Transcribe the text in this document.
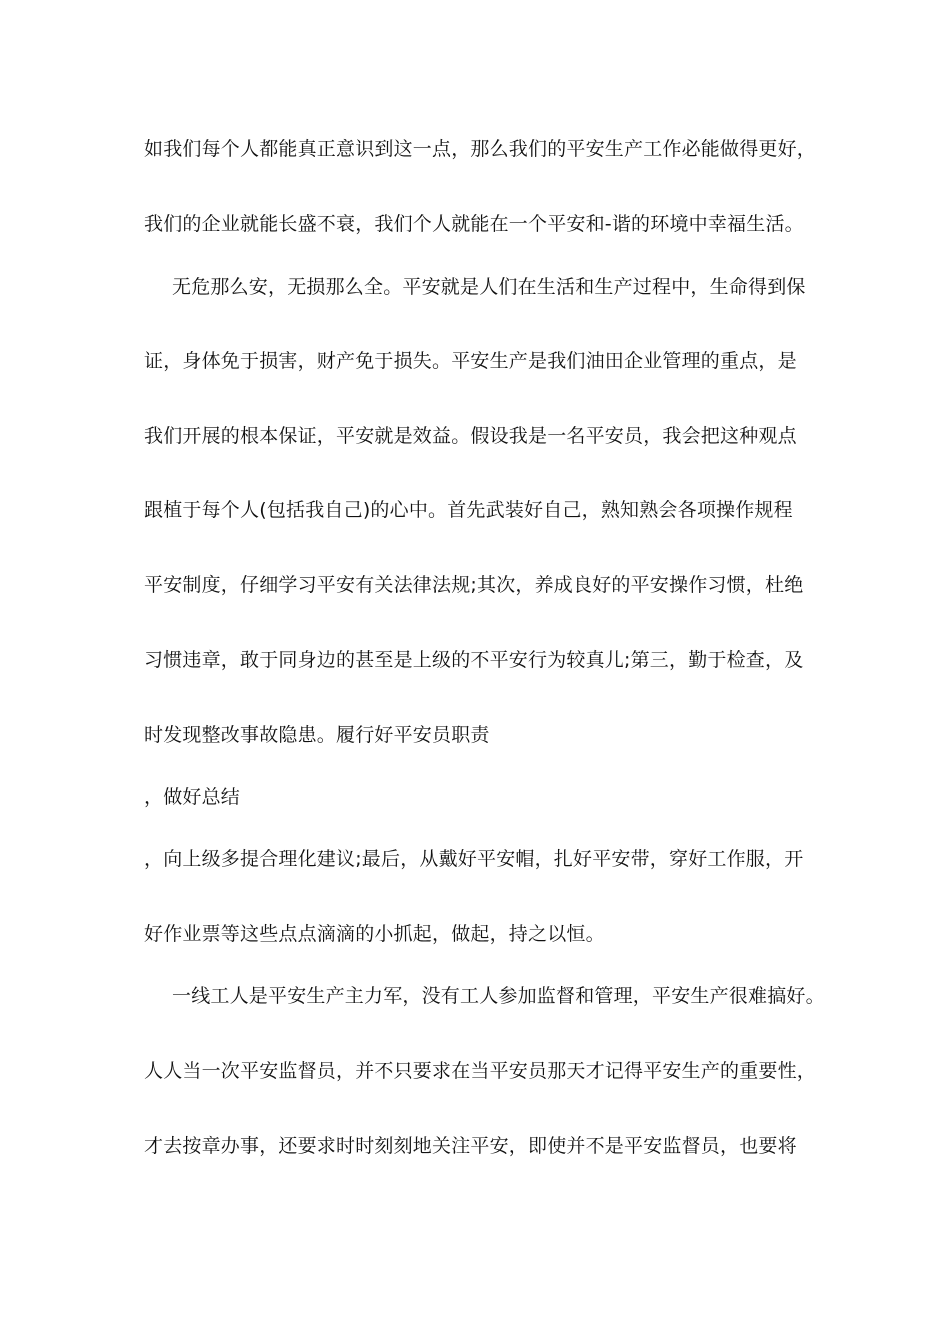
如我们每个人都能真正意识到这一点，那么我们的平安生产工作必能做得更好，
我们的企业就能长盛不衰，我们个人就能在一个平安和-谐的环境中幸福生活。
无危那么安，无损那么全。平安就是人们在生活和生产过程中，生命得到保
证，身体免于损害，财产免于损失。平安生产是我们油田企业管理的重点，是
我们开展的根本保证，平安就是效益。假设我是一名平安员，我会把这种观点
跟植于每个人(包括我自己)的心中。首先武装好自己，熟知熟会各项操作规程
平安制度，仔细学习平安有关法律法规;其次，养成良好的平安操作习惯，杜绝
习惯违章，敢于同身边的甚至是上级的不平安行为较真儿;第三，勤于检查，及
时发现整改事故隐患。履行好平安员职责
，做好总结
，向上级多提合理化建议;最后，从戴好平安帽，扎好平安带，穿好工作服，开
好作业票等这些点点滴滴的小抓起，做起，持之以恒。
一线工人是平安生产主力军，没有工人参加监督和管理，平安生产很难搞好。
人人当一次平安监督员，并不只要求在当平安员那天才记得平安生产的重要性，
才去按章办事，还要求时时刻刻地关注平安，即使并不是平安监督员，也要将
